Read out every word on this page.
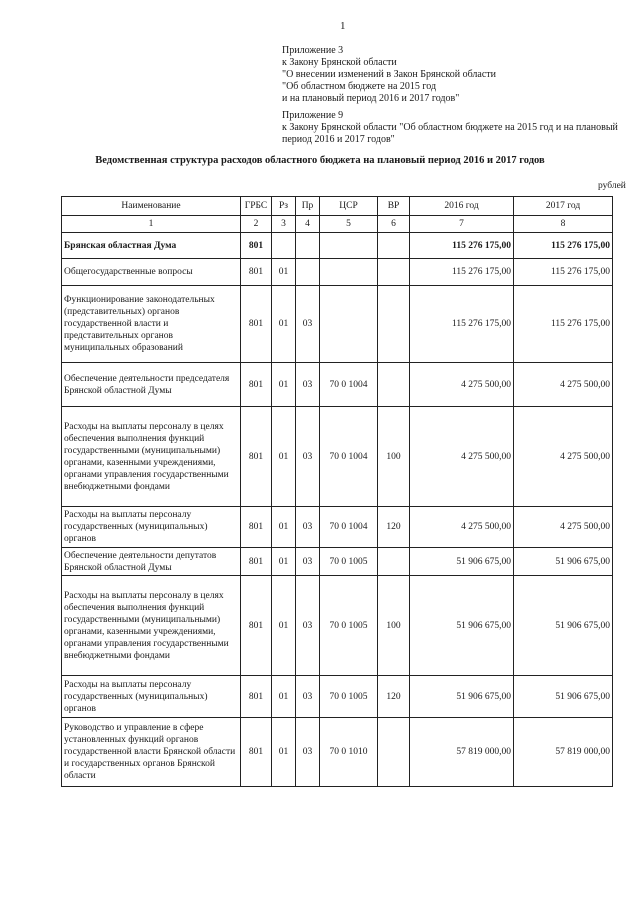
1
Приложение 3
к Закону Брянской области
"О внесении изменений в Закон Брянской области
"Об областном бюджете на 2015 год
и на плановый период 2016 и 2017 годов"
Приложение 9
к Закону Брянской области "Об областном бюджете на 2015 год и на плановый
период 2016 и 2017 годов"
Ведомственная структура расходов областного бюджета на плановый период 2016 и 2017 годов
рублей
Наименование	ГРБС	Рз	Пр	ЦСР	ВР	2016 год	2017 год
1	2	3	4	5	6	7	8
Брянская областная Дума	801					115 276 175,00	115 276 175,00
Общегосударственные вопросы	801	01				115 276 175,00	115 276 175,00
Функционирование законодательных (представительных) органов государственной власти и представительных органов муниципальных образований	801	01	03			115 276 175,00	115 276 175,00
Обеспечение деятельности председателя Брянской областной Думы	801	01	03	70 0 1004		4 275 500,00	4 275 500,00
Расходы на выплаты персоналу в целях обеспечения выполнения функций государственными (муниципальными) органами, казенными учреждениями, органами управления государственными внебюджетными фондами	801	01	03	70 0 1004	100	4 275 500,00	4 275 500,00
Расходы на выплаты персоналу государственных (муниципальных) органов	801	01	03	70 0 1004	120	4 275 500,00	4 275 500,00
Обеспечение деятельности депутатов Брянской областной Думы	801	01	03	70 0 1005		51 906 675,00	51 906 675,00
Расходы на выплаты персоналу в целях обеспечения выполнения функций государственными (муниципальными) органами, казенными учреждениями, органами управления государственными внебюджетными фондами	801	01	03	70 0 1005	100	51 906 675,00	51 906 675,00
Расходы на выплаты персоналу государственных (муниципальных) органов	801	01	03	70 0 1005	120	51 906 675,00	51 906 675,00
Руководство и управление в сфере установленных функций органов государственной власти Брянской области и государственных органов Брянской области	801	01	03	70 0 1010		57 819 000,00	57 819 000,00
